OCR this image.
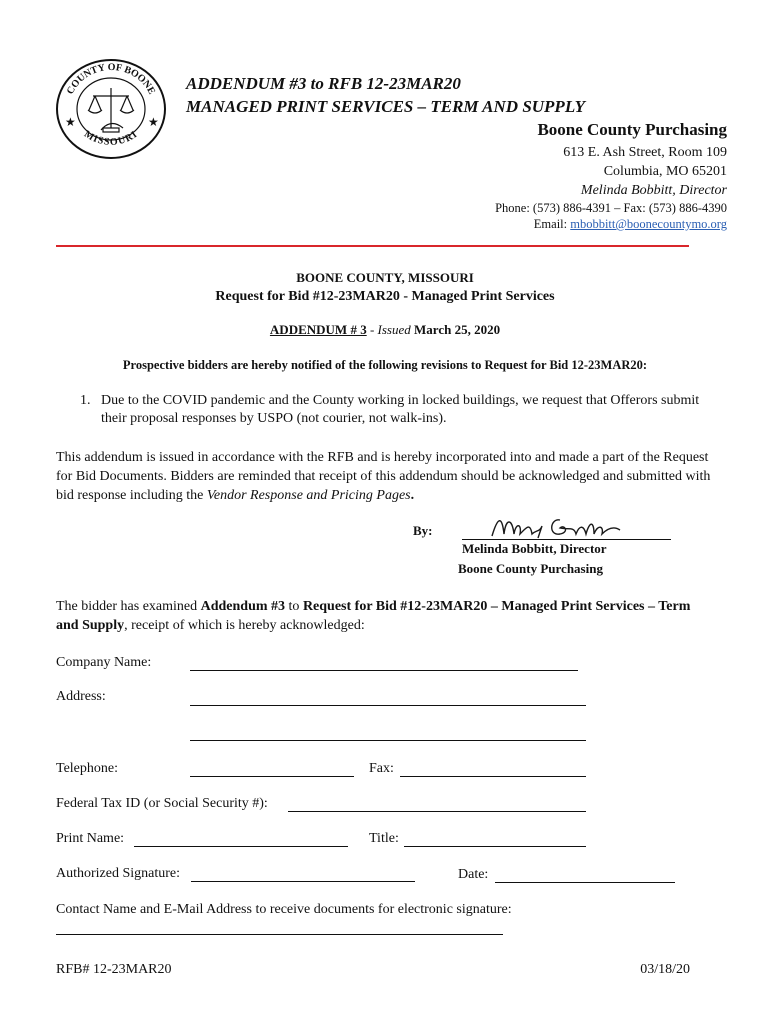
COUNTY OF BOONE
MISSOURI
★	★
ADDENDUM #3 to RFB 12-23MAR20
MANAGED PRINT SERVICES – TERM AND SUPPLY
Boone County Purchasing
613 E. Ash Street, Room 109
Columbia, MO 65201
Melinda Bobbitt, Director
Phone: (573) 886-4391 – Fax: (573) 886-4390
Email: mbobbitt@boonecountymo.org
BOONE COUNTY, MISSOURI
Request for Bid #12-23MAR20 - Managed Print Services
ADDENDUM # 3 - Issued March 25, 2020
Prospective bidders are hereby notified of the following revisions to Request for Bid 12-23MAR20:
1. Due to the COVID pandemic and the County working in locked buildings, we request that Offerors submit their proposal responses by USPO (not courier, not walk-ins).
This addendum is issued in accordance with the RFB and is hereby incorporated into and made a part of the Request for Bid Documents. Bidders are reminded that receipt of this addendum should be acknowledged and submitted with bid response including the Vendor Response and Pricing Pages.
By:
Melinda Bobbitt
Melinda Bobbitt, Director
Boone County Purchasing
The bidder has examined Addendum #3 to Request for Bid #12-23MAR20 – Managed Print Services – Term and Supply, receipt of which is hereby acknowledged:
Company Name:
Address:
Telephone:	Fax:
Federal Tax ID (or Social Security #):
Print Name:	Title:
Authorized Signature:	Date:
Contact Name and E-Mail Address to receive documents for electronic signature:
RFB# 12-23MAR20	03/18/20
